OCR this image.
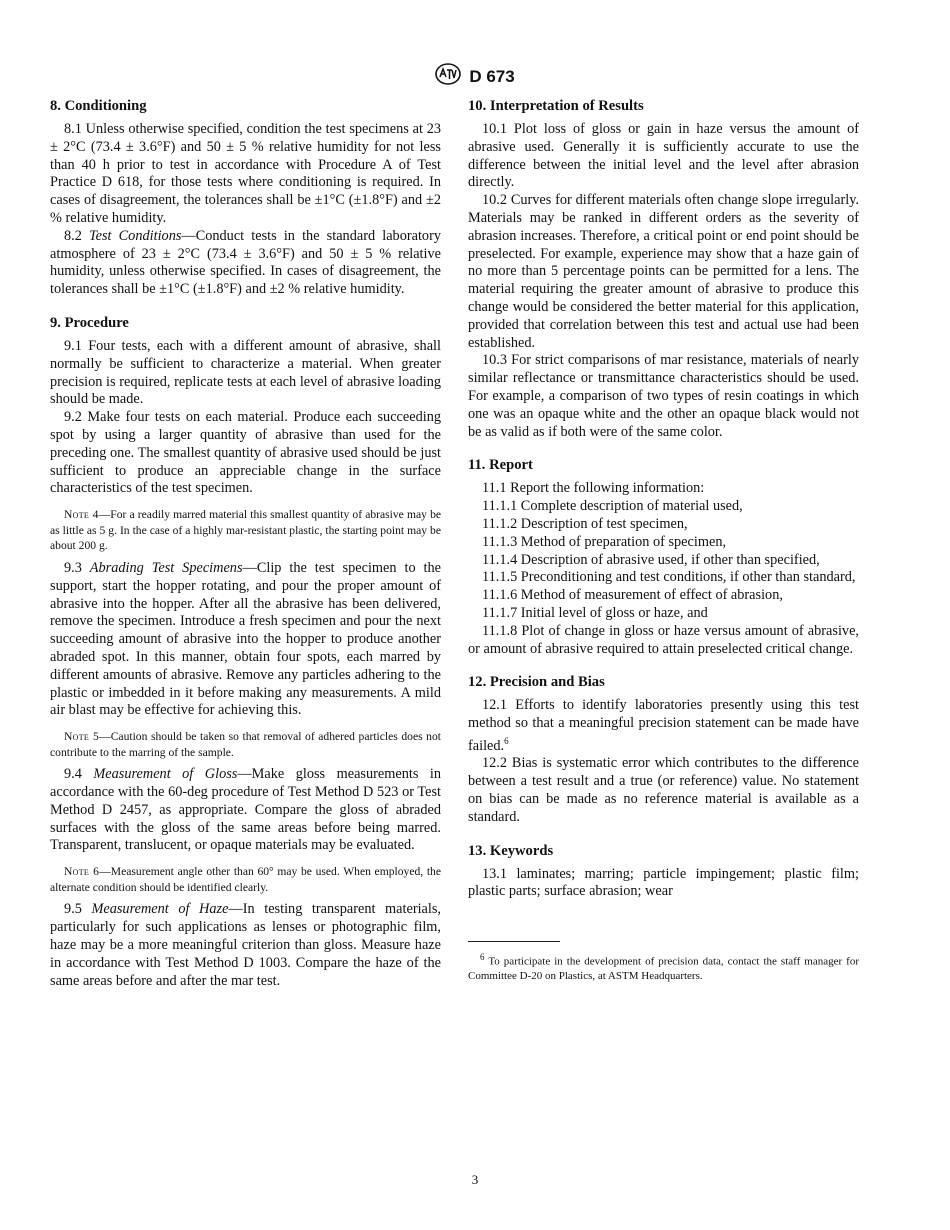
D 673
8. Conditioning

8.1 Unless otherwise specified, condition the test specimens at 23 ± 2°C (73.4 ± 3.6°F) and 50 ± 5 % relative humidity for not less than 40 h prior to test in accordance with Procedure A of Test Practice D 618, for those tests where conditioning is required. In cases of disagreement, the tolerances shall be ±1°C (±1.8°F) and ±2 % relative humidity.

8.2 Test Conditions—Conduct tests in the standard laboratory atmosphere of 23 ± 2°C (73.4 ± 3.6°F) and 50 ± 5 % relative humidity, unless otherwise specified. In cases of disagreement, the tolerances shall be ±1°C (±1.8°F) and ±2 % relative humidity.

9. Procedure

9.1 Four tests, each with a different amount of abrasive, shall normally be sufficient to characterize a material. When greater precision is required, replicate tests at each level of abrasive loading should be made.

9.2 Make four tests on each material. Produce each succeeding spot by using a larger quantity of abrasive than used for the preceding one. The smallest quantity of abrasive used should be just sufficient to produce an appreciable change in the surface characteristics of the test specimen.

Note 4—For a readily marred material this smallest quantity of abrasive may be as little as 5 g. In the case of a highly mar-resistant plastic, the starting point may be about 200 g.

9.3 Abrading Test Specimens—Clip the test specimen to the support, start the hopper rotating, and pour the proper amount of abrasive into the hopper. After all the abrasive has been delivered, remove the specimen. Introduce a fresh specimen and pour the next succeeding amount of abrasive into the hopper to produce another abraded spot. In this manner, obtain four spots, each marred by different amounts of abrasive. Remove any particles adhering to the plastic or imbedded in it before making any measurements. A mild air blast may be effective for achieving this.

Note 5—Caution should be taken so that removal of adhered particles does not contribute to the marring of the sample.

9.4 Measurement of Gloss—Make gloss measurements in accordance with the 60-deg procedure of Test Method D 523 or Test Method D 2457, as appropriate. Compare the gloss of abraded surfaces with the gloss of the same areas before being marred. Transparent, translucent, or opaque materials may be evaluated.

Note 6—Measurement angle other than 60° may be used. When employed, the alternate condition should be identified clearly.

9.5 Measurement of Haze—In testing transparent materials, particularly for such applications as lenses or photographic film, haze may be a more meaningful criterion than gloss. Measure haze in accordance with Test Method D 1003. Compare the haze of the same areas before and after the mar test.

10. Interpretation of Results

10.1 Plot loss of gloss or gain in haze versus the amount of abrasive used. Generally it is sufficiently accurate to use the difference between the initial level and the level after abrasion directly.

10.2 Curves for different materials often change slope irregularly. Materials may be ranked in different orders as the severity of abrasion increases. Therefore, a critical point or end point should be preselected. For example, experience may show that a haze gain of no more than 5 percentage points can be permitted for a lens. The material requiring the greater amount of abrasive to produce this change would be considered the better material for this application, provided that correlation between this test and actual use had been established.

10.3 For strict comparisons of mar resistance, materials of nearly similar reflectance or transmittance characteristics should be used. For example, a comparison of two types of resin coatings in which one was an opaque white and the other an opaque black would not be as valid as if both were of the same color.

11. Report

11.1 Report the following information:

11.1.1 Complete description of material used,

11.1.2 Description of test specimen,

11.1.3 Method of preparation of specimen,

11.1.4 Description of abrasive used, if other than specified,

11.1.5 Preconditioning and test conditions, if other than standard,

11.1.6 Method of measurement of effect of abrasion,

11.1.7 Initial level of gloss or haze, and

11.1.8 Plot of change in gloss or haze versus amount of abrasive, or amount of abrasive required to attain preselected critical change.

12. Precision and Bias

12.1 Efforts to identify laboratories presently using this test method so that a meaningful precision statement can be made have failed.$^6$

12.2 Bias is systematic error which contributes to the difference between a test result and a true (or reference) value. No statement on bias can be made as no reference material is available as a standard.

13. Keywords

13.1 laminates; marring; particle impingement; plastic film; plastic parts; surface abrasion; wear

$^6$ To participate in the development of precision data, contact the staff manager for Committee D-20 on Plastics, at ASTM Headquarters.
3
